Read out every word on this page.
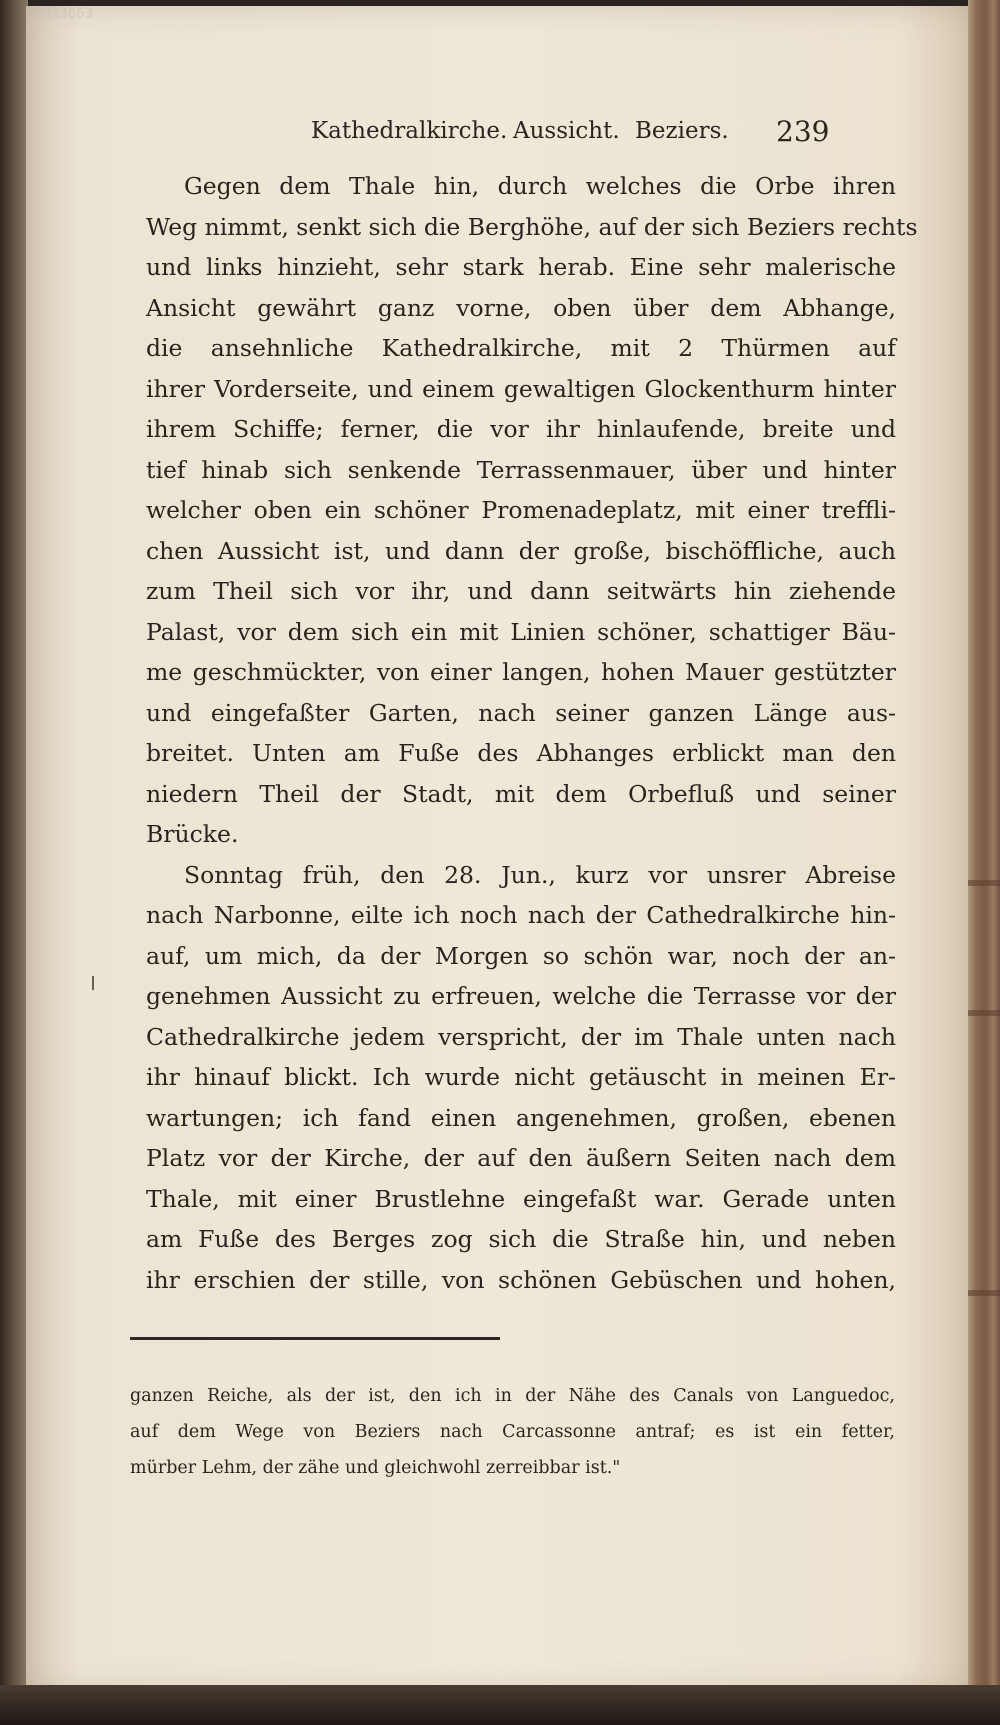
0033663
Kathedralkirche. Aussicht. Beziers. 239
Gegen dem Thale hin, durch welches die Orbe ihren
Weg nimmt, senkt sich die Berghöhe, auf der sich Beziers rechts
und links hinzieht, sehr stark herab. Eine sehr malerische
Ansicht gewährt ganz vorne, oben über dem Abhange,
die ansehnliche Kathedralkirche, mit 2 Thürmen auf
ihrer Vorderseite, und einem gewaltigen Glockenthurm hinter
ihrem Schiffe; ferner, die vor ihr hinlaufende, breite und
tief hinab sich senkende Terrassenmauer, über und hinter
welcher oben ein schöner Promenadeplatz, mit einer treffli-
chen Aussicht ist, und dann der große, bischöffliche, auch
zum Theil sich vor ihr, und dann seitwärts hin ziehende
Palast, vor dem sich ein mit Linien schöner, schattiger Bäu-
me geschmückter, von einer langen, hohen Mauer gestützter
und eingefaßter Garten, nach seiner ganzen Länge aus-
breitet. Unten am Fuße des Abhanges erblickt man den
niedern Theil der Stadt, mit dem Orbefluß und seiner
Brücke.
Sonntag früh, den 28. Jun., kurz vor unsrer Abreise
nach Narbonne, eilte ich noch nach der Cathedralkirche hin-
auf, um mich, da der Morgen so schön war, noch der an-
genehmen Aussicht zu erfreuen, welche die Terrasse vor der
Cathedralkirche jedem verspricht, der im Thale unten nach
ihr hinauf blickt. Ich wurde nicht getäuscht in meinen Er-
wartungen; ich fand einen angenehmen, großen, ebenen
Platz vor der Kirche, der auf den äußern Seiten nach dem
Thale, mit einer Brustlehne eingefaßt war. Gerade unten
am Fuße des Berges zog sich die Straße hin, und neben
ihr erschien der stille, von schönen Gebüschen und hohen,
ganzen Reiche, als der ist, den ich in der Nähe des Canals von Languedoc,
auf dem Wege von Beziers nach Carcassonne antraf; es ist ein fetter,
mürber Lehm, der zähe und gleichwohl zerreibbar ist."
